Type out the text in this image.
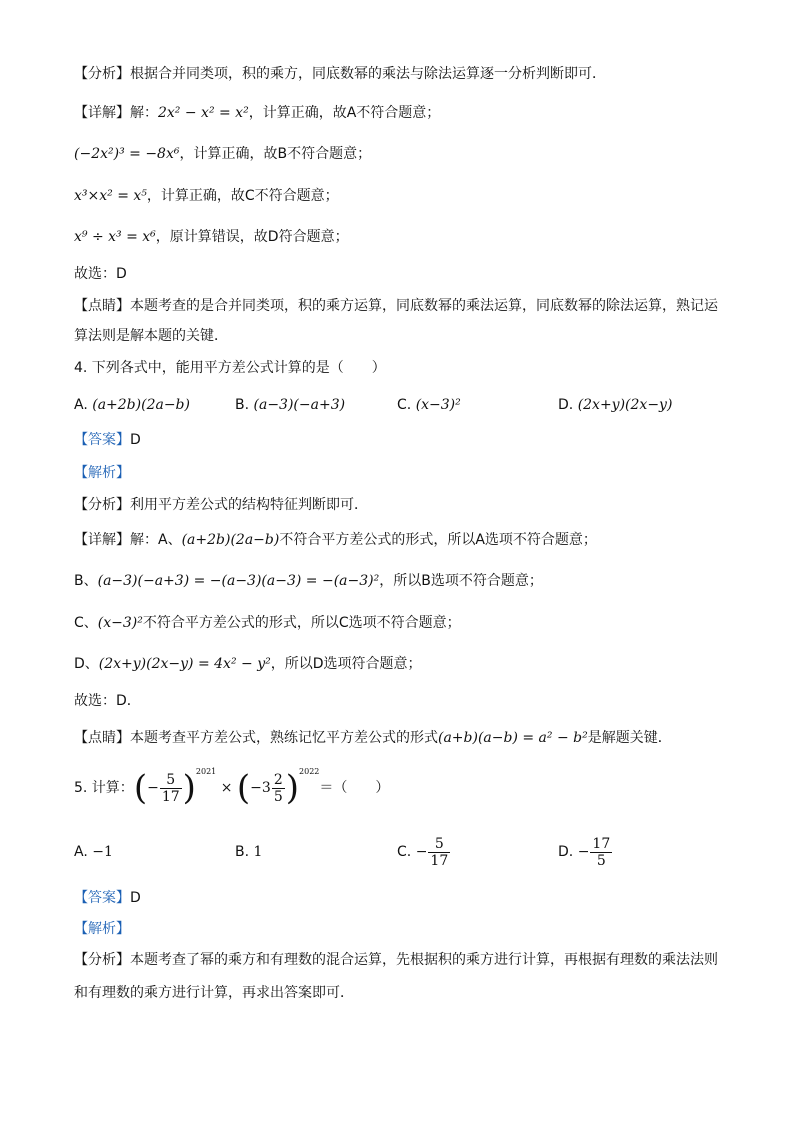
【分析】根据合并同类项，积的乘方，同底数幂的乘法与除法运算逐一分析判断即可．
【详解】解：2x² − x² = x²，计算正确，故A不符合题意；
(−2x²)³ = −8x⁶，计算正确，故B不符合题意；
x³×x² = x⁵，计算正确，故C不符合题意；
x⁹ ÷ x³ = x⁶，原计算错误，故D符合题意；
故选：D
【点睛】本题考查的是合并同类项，积的乘方运算，同底数幂的乘法运算，同底数幂的除法运算，熟记运
算法则是解本题的关键．
4. 下列各式中，能用平方差公式计算的是（　　）
A. (a+2b)(2a−b)	B. (a−3)(−a+3)	C. (x−3)²	D. (2x+y)(2x−y)
【答案】D
【解析】
【分析】利用平方差公式的结构特征判断即可．
【详解】解：A、(a+2b)(2a−b)不符合平方差公式的形式，所以A选项不符合题意；
B、(a−3)(−a+3) = −(a−3)(a−3) = −(a−3)²，所以B选项不符合题意；
C、(x−3)²不符合平方差公式的形式，所以C选项不符合题意；
D、(2x+y)(2x−y) = 4x² − y²，所以D选项符合题意；
故选：D．
【点睛】本题考查平方差公式，熟练记忆平方差公式的形式(a+b)(a−b) = a² − b²是解题关键．
5. 计算：(− $\frac{5}{17} )^{2021} \times (-3 \frac{2}{5} )^{2022}=$（　　）
A. −1	B. 1	C. − $\frac{5}{17}$	D. − $\frac{17}{5}$
【答案】D
【解析】
【分析】本题考查了幂的乘方和有理数的混合运算，先根据积的乘方进行计算，再根据有理数的乘法法则
和有理数的乘方进行计算，再求出答案即可．
